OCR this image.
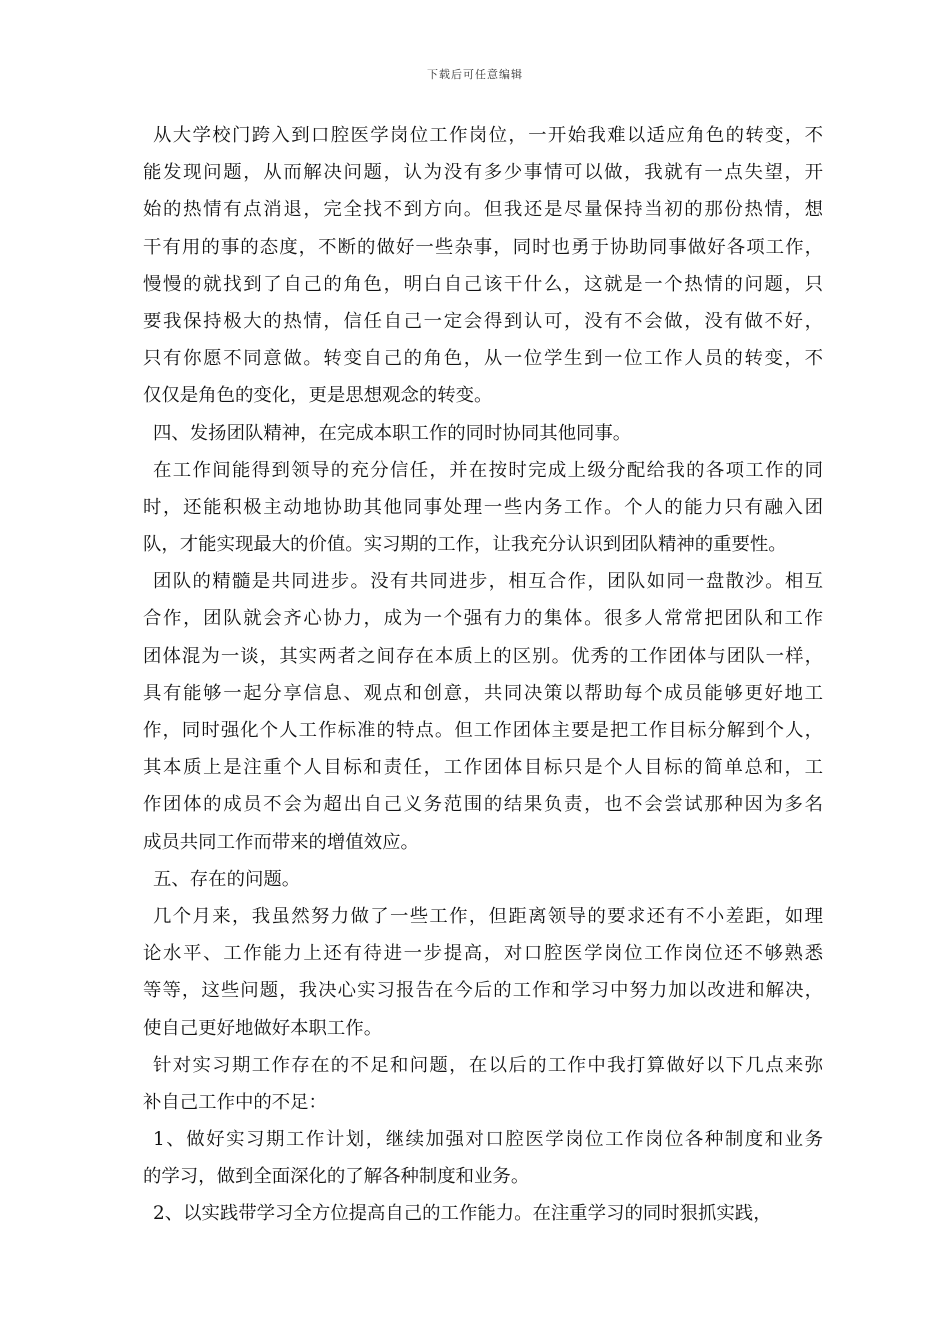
下载后可任意编辑
从大学校门跨入到口腔医学岗位工作岗位，一开始我难以适应角色的转变，不
能发现问题，从而解决问题，认为没有多少事情可以做，我就有一点失望，开
始的热情有点消退，完全找不到方向。但我还是尽量保持当初的那份热情，想
干有用的事的态度，不断的做好一些杂事，同时也勇于协助同事做好各项工作，
慢慢的就找到了自己的角色，明白自己该干什么，这就是一个热情的问题，只
要我保持极大的热情，信任自己一定会得到认可，没有不会做，没有做不好，
只有你愿不同意做。转变自己的角色，从一位学生到一位工作人员的转变，不
仅仅是角色的变化，更是思想观念的转变。
四、发扬团队精神，在完成本职工作的同时协同其他同事。
在工作间能得到领导的充分信任，并在按时完成上级分配给我的各项工作的同
时，还能积极主动地协助其他同事处理一些内务工作。个人的能力只有融入团
队，才能实现最大的价值。实习期的工作，让我充分认识到团队精神的重要性。
团队的精髓是共同进步。没有共同进步，相互合作，团队如同一盘散沙。相互
合作，团队就会齐心协力，成为一个强有力的集体。很多人常常把团队和工作
团体混为一谈，其实两者之间存在本质上的区别。优秀的工作团体与团队一样，
具有能够一起分享信息、观点和创意，共同决策以帮助每个成员能够更好地工
作，同时强化个人工作标准的特点。但工作团体主要是把工作目标分解到个人，
其本质上是注重个人目标和责任，工作团体目标只是个人目标的简单总和，工
作团体的成员不会为超出自己义务范围的结果负责，也不会尝试那种因为多名
成员共同工作而带来的增值效应。
五、存在的问题。
几个月来，我虽然努力做了一些工作，但距离领导的要求还有不小差距，如理
论水平、工作能力上还有待进一步提高，对口腔医学岗位工作岗位还不够熟悉
等等，这些问题，我决心实习报告在今后的工作和学习中努力加以改进和解决，
使自己更好地做好本职工作。
针对实习期工作存在的不足和问题，在以后的工作中我打算做好以下几点来弥
补自己工作中的不足：
1、做好实习期工作计划，继续加强对口腔医学岗位工作岗位各种制度和业务
的学习，做到全面深化的了解各种制度和业务。
2、以实践带学习全方位提高自己的工作能力。在注重学习的同时狠抓实践，
